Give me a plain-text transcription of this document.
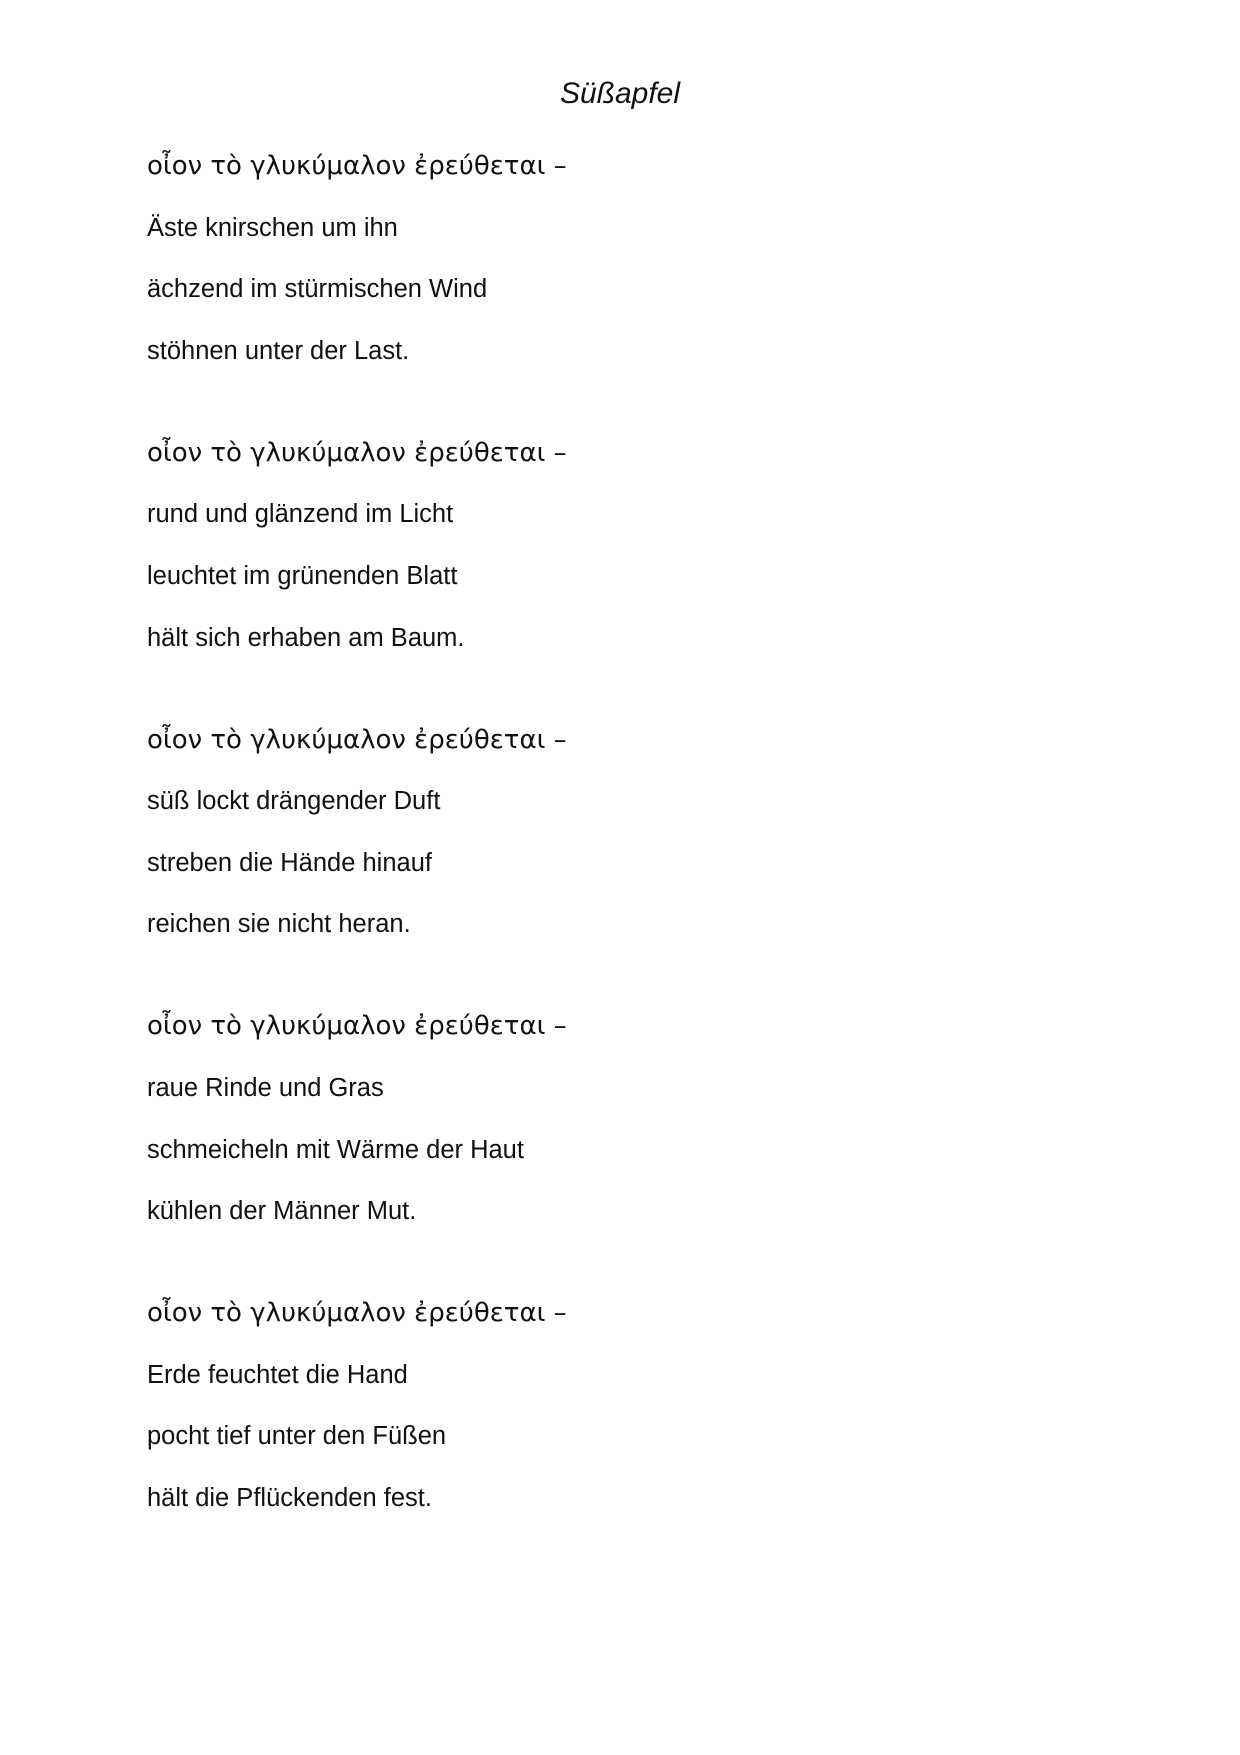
Süßapfel
οἶον τὸ γλυκύμαλον ἐρεύθεται –
Äste knirschen um ihn
ächzend im stürmischen Wind
stöhnen unter der Last.
οἶον τὸ γλυκύμαλον ἐρεύθεται –
rund und glänzend im Licht
leuchtet im grünenden Blatt
hält sich erhaben am Baum.
οἶον τὸ γλυκύμαλον ἐρεύθεται –
süß lockt drängender Duft
streben die Hände hinauf
reichen sie nicht heran.
οἶον τὸ γλυκύμαλον ἐρεύθεται –
raue Rinde und Gras
schmeicheln mit Wärme der Haut
kühlen der Männer Mut.
οἶον τὸ γλυκύμαλον ἐρεύθεται –
Erde feuchtet die Hand
pocht tief unter den Füßen
hält die Pflückenden fest.
